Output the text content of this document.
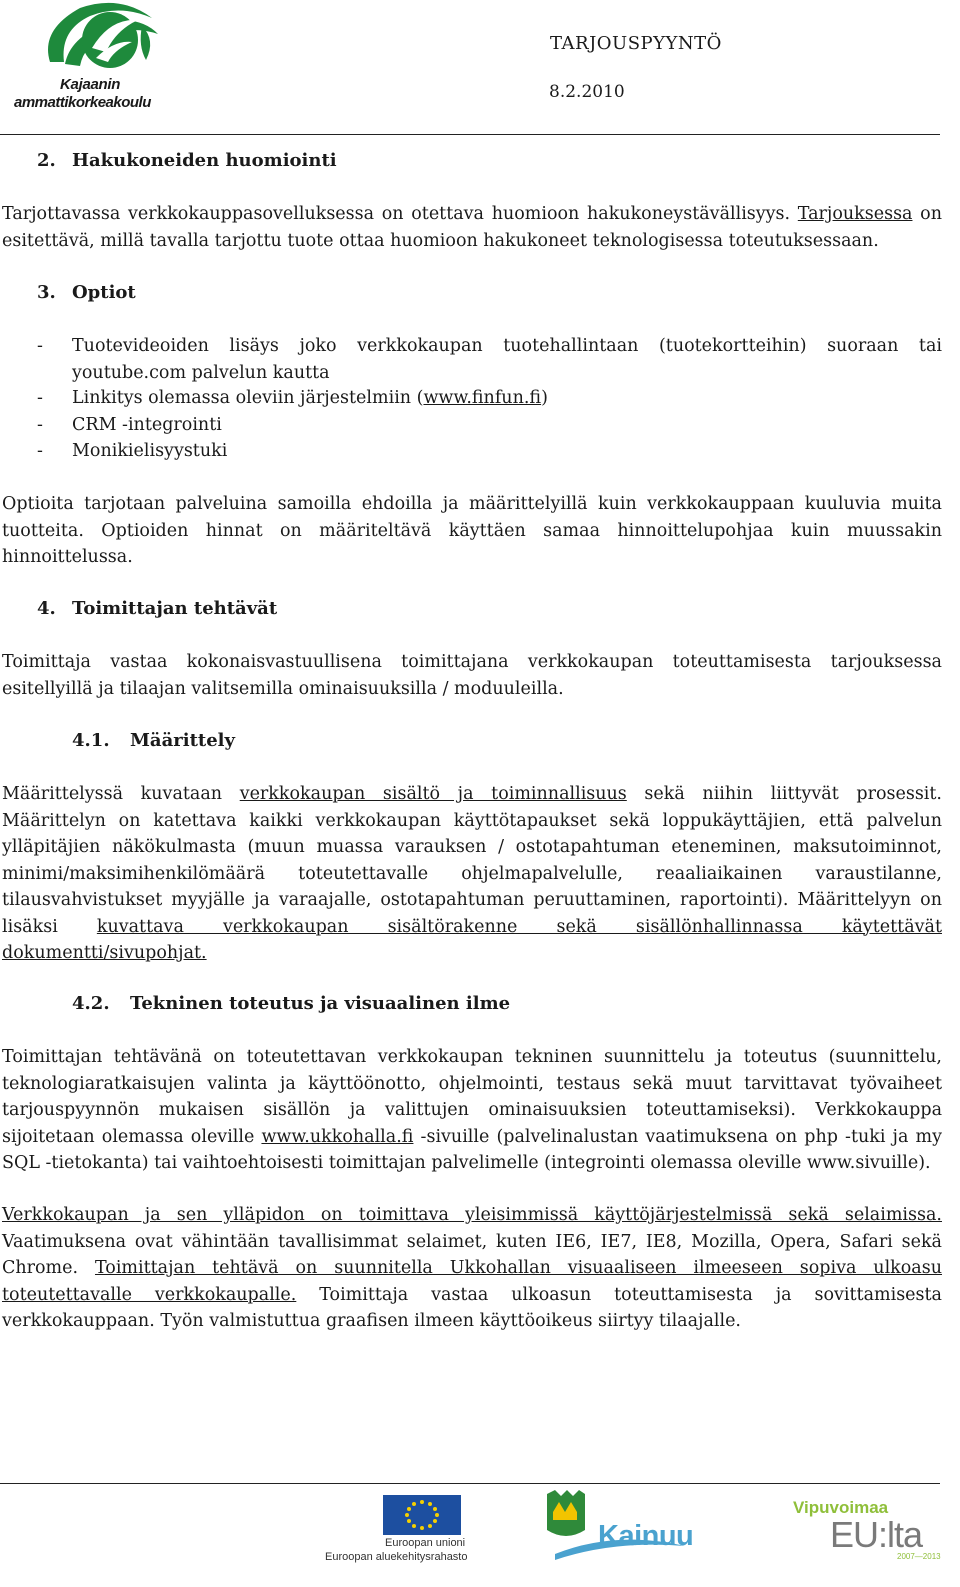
Kajaanin
ammattikorkeakoulu
TARJOUSPYYNTÖ
8.2.2010
2. Hakukoneiden huomiointi
Tarjottavassa verkkokauppasovelluksessa on otettava huomioon hakukoneystävällisyys. Tarjouksessa on esitettävä, millä tavalla tarjottu tuote ottaa huomioon hakukoneet teknologisessa toteutuksessaan.
3. Optiot
- Tuotevideoiden lisäys joko verkkokaupan tuotehallintaan (tuotekortteihin) suoraan tai youtube.com palvelun kautta
- Linkitys olemassa oleviin järjestelmiin (www.finfun.fi)
- CRM -integrointi
- Monikielisyystuki
Optioita tarjotaan palveluina samoilla ehdoilla ja määrittelyillä kuin verkkokauppaan kuuluvia muita tuotteita. Optioiden hinnat on määriteltävä käyttäen samaa hinnoittelupohjaa kuin muussakin hinnoittelussa.
4. Toimittajan tehtävät
Toimittaja vastaa kokonaisvastuullisena toimittajana verkkokaupan toteuttamisesta tarjouksessa esitellyillä ja tilaajan valitsemilla ominaisuuksilla / moduuleilla.
4.1. Määrittely
Määrittelyssä kuvataan verkkokaupan sisältö ja toiminnallisuus sekä niihin liittyvät prosessit. Määrittelyn on katettava kaikki verkkokaupan käyttötapaukset sekä loppukäyttäjien, että palvelun ylläpitäjien näkökulmasta (muun muassa varauksen / ostotapahtuman eteneminen, maksutoiminnot, minimi/maksimihenkilömäärä toteutettavalle ohjelmapalvelulle, reaaliaikainen varaustilanne, tilausvahvistukset myyjälle ja varaajalle, ostotapahtuman peruuttaminen, raportointi). Määrittelyyn on lisäksi kuvattava verkkokaupan sisältörakenne sekä sisällönhallinnassa käytettävät dokumentti/sivupohjat.
4.2. Tekninen toteutus ja visuaalinen ilme
Toimittajan tehtävänä on toteutettavan verkkokaupan tekninen suunnittelu ja toteutus (suunnittelu, teknologiaratkaisujen valinta ja käyttöönotto, ohjelmointi, testaus sekä muut tarvittavat työvaiheet tarjouspyynnön mukaisen sisällön ja valittujen ominaisuuksien toteuttamiseksi). Verkkokauppa sijoitetaan olemassa oleville www.ukkohalla.fi -sivuille (palvelinalustan vaatimuksena on php -tuki ja my SQL -tietokanta) tai vaihtoehtoisesti toimittajan palvelimelle (integrointi olemassa oleville www.sivuille).
Verkkokaupan ja sen ylläpidon on toimittava yleisimmissä käyttöjärjestelmissä sekä selaimissa. Vaatimuksena ovat vähintään tavallisimmat selaimet, kuten IE6, IE7, IE8, Mozilla, Opera, Safari sekä Chrome. Toimittajan tehtävä on suunnitella Ukkohallan visuaaliseen ilmeeseen sopiva ulkoasu toteutettavalle verkkokaupalle. Toimittaja vastaa ulkoasun toteuttamisesta ja sovittamisesta verkkokauppaan. Työn valmistuttua graafisen ilmeen käyttöoikeus siirtyy tilaajalle.
Euroopan unioni
Euroopan aluekehitysrahasto
Kainuu
Vipuvoimaa
EU:lta
2007—2013
